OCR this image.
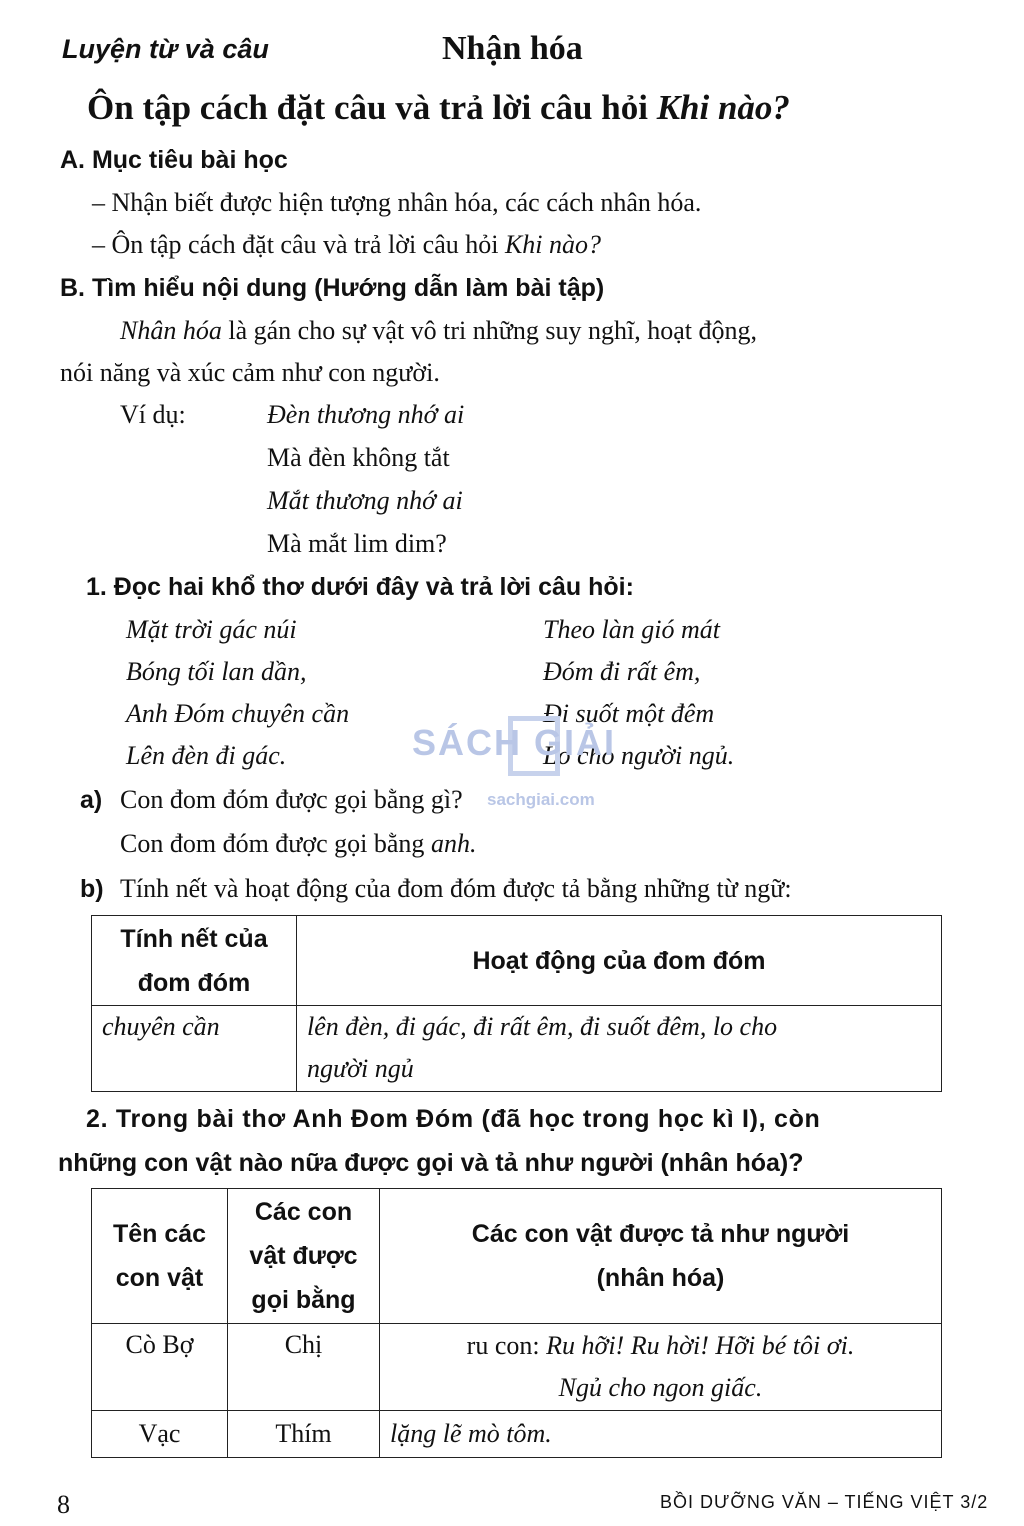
Luyện từ và câu	Nhận hóa
Ôn tập cách đặt câu và trả lời câu hỏi Khi nào?
A. Mục tiêu bài học
– Nhận biết được hiện tượng nhân hóa, các cách nhân hóa.
– Ôn tập cách đặt câu và trả lời câu hỏi Khi nào?
B. Tìm hiểu nội dung (Hướng dẫn làm bài tập)
Nhân hóa là gán cho sự vật vô tri những suy nghĩ, hoạt động,
nói năng và xúc cảm như con người.
Ví dụ:	Đèn thương nhớ ai
Mà đèn không tắt
Mắt thương nhớ ai
Mà mắt lim dim?
1. Đọc hai khổ thơ dưới đây và trả lời câu hỏi:
Mặt trời gác núi
Bóng tối lan dần,
Anh Đóm chuyên cần
Lên đèn đi gác.
Theo làn gió mát
Đóm đi rất êm,
Đi suốt một đêm
Lo cho người ngủ.
SÁCH GIẢI
sachgiai.com
a) Con đom đóm được gọi bằng gì?
Con đom đóm được gọi bằng anh.
b) Tính nết và hoạt động của đom đóm được tả bằng những từ ngữ:
Tính nết của
đom đóm	Hoạt động của đom đóm
chuyên cần	lên đèn, đi gác, đi rất êm, đi suốt đêm, lo cho
người ngủ
2. Trong bài thơ Anh Đom Đóm (đã học trong học kì I), còn
những con vật nào nữa được gọi và tả như người (nhân hóa)?
Tên các
con vật	Các con
vật được
gọi bằng	Các con vật được tả như người
(nhân hóa)
Cò Bợ	Chị	ru con: Ru hỡi! Ru hời! Hỡi bé tôi ơi.
Ngủ cho ngon giấc.
Vạc	Thím	lặng lẽ mò tôm.
8	BỒI DƯỠNG VĂN – TIẾNG VIỆT 3/2
